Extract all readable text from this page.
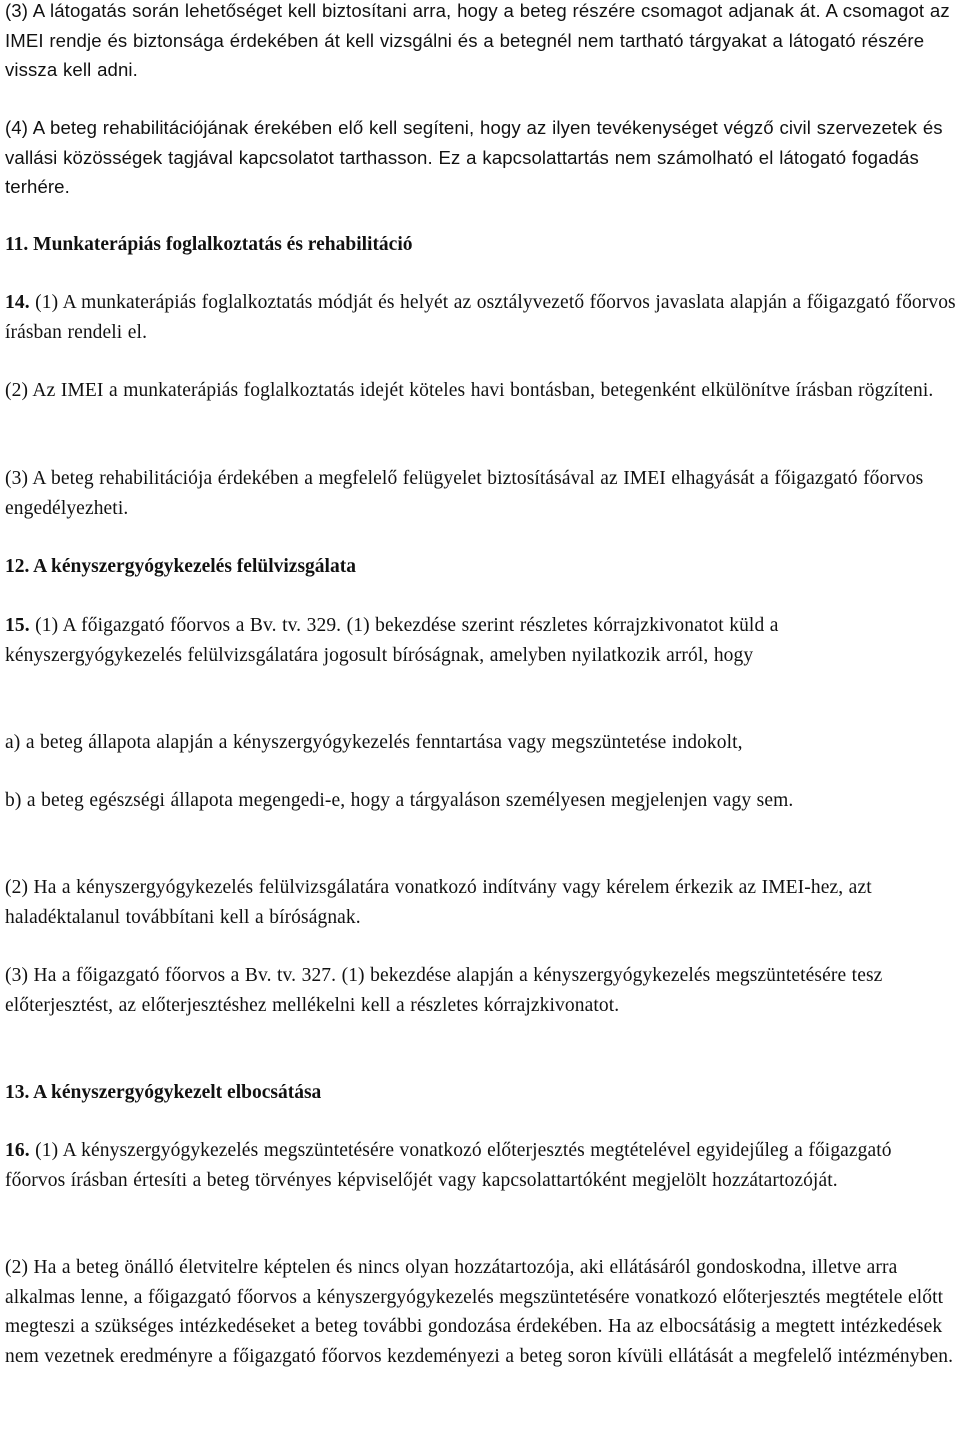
(3) A látogatás során lehetőséget kell biztosítani arra, hogy a beteg részére csomagot adjanak át. A csomagot az IMEI rendje és biztonsága érdekében át kell vizsgálni és a betegnél nem tartható tárgyakat a látogató részére vissza kell adni.

(4) A beteg rehabilitációjának érekében elő kell segíteni, hogy az ilyen tevékenységet végző civil szervezetek és vallási közösségek tagjával kapcsolatot tarthasson. Ez a kapcsolattartás nem számolható el látogató fogadás terhére.

11. Munkaterápiás foglalkoztatás és rehabilitáció

14. (1) A munkaterápiás foglalkoztatás módját és helyét az osztályvezető főorvos javaslata alapján a főigazgató főorvos írásban rendeli el.

(2) Az IMEI a munkaterápiás foglalkoztatás idejét köteles havi bontásban, betegenként elkülönítve írásban rögzíteni.

(3) A beteg rehabilitációja érdekében a megfelelő felügyelet biztosításával az IMEI elhagyását a főigazgató főorvos engedélyezheti.

12. A kényszergyógykezelés felülvizsgálata

15. (1) A főigazgató főorvos a Bv. tv. 329. (1) bekezdése szerint részletes kórrajzkivonatot küld a kényszergyógykezelés felülvizsgálatára jogosult bíróságnak, amelyben nyilatkozik arról, hogy

a) a beteg állapota alapján a kényszergyógykezelés fenntartása vagy megszüntetése indokolt,

b) a beteg egészségi állapota megengedi-e, hogy a tárgyaláson személyesen megjelenjen vagy sem.

(2) Ha a kényszergyógykezelés felülvizsgálatára vonatkozó indítvány vagy kérelem érkezik az IMEI-hez, azt haladéktalanul továbbítani kell a bíróságnak.

(3) Ha a főigazgató főorvos a Bv. tv. 327. (1) bekezdése alapján a kényszergyógykezelés megszüntetésére tesz előterjesztést, az előterjesztéshez mellékelni kell a részletes kórrajzkivonatot.

13. A kényszergyógykezelt elbocsátása

16. (1) A kényszergyógykezelés megszüntetésére vonatkozó előterjesztés megtételével egyidejűleg a főigazgató főorvos írásban értesíti a beteg törvényes képviselőjét vagy kapcsolattartóként megjelölt hozzátartozóját.

(2) Ha a beteg önálló életvitelre képtelen és nincs olyan hozzátartozója, aki ellátásáról gondoskodna, illetve arra alkalmas lenne, a főigazgató főorvos a kényszergyógykezelés megszüntetésére vonatkozó előterjesztés megtétele előtt megteszi a szükséges intézkedéseket a beteg további gondozása érdekében. Ha az elbocsátásig a megtett intézkedések nem vezetnek eredményre a főigazgató főorvos kezdeményezi a beteg soron kívüli ellátását a megfelelő intézményben.
